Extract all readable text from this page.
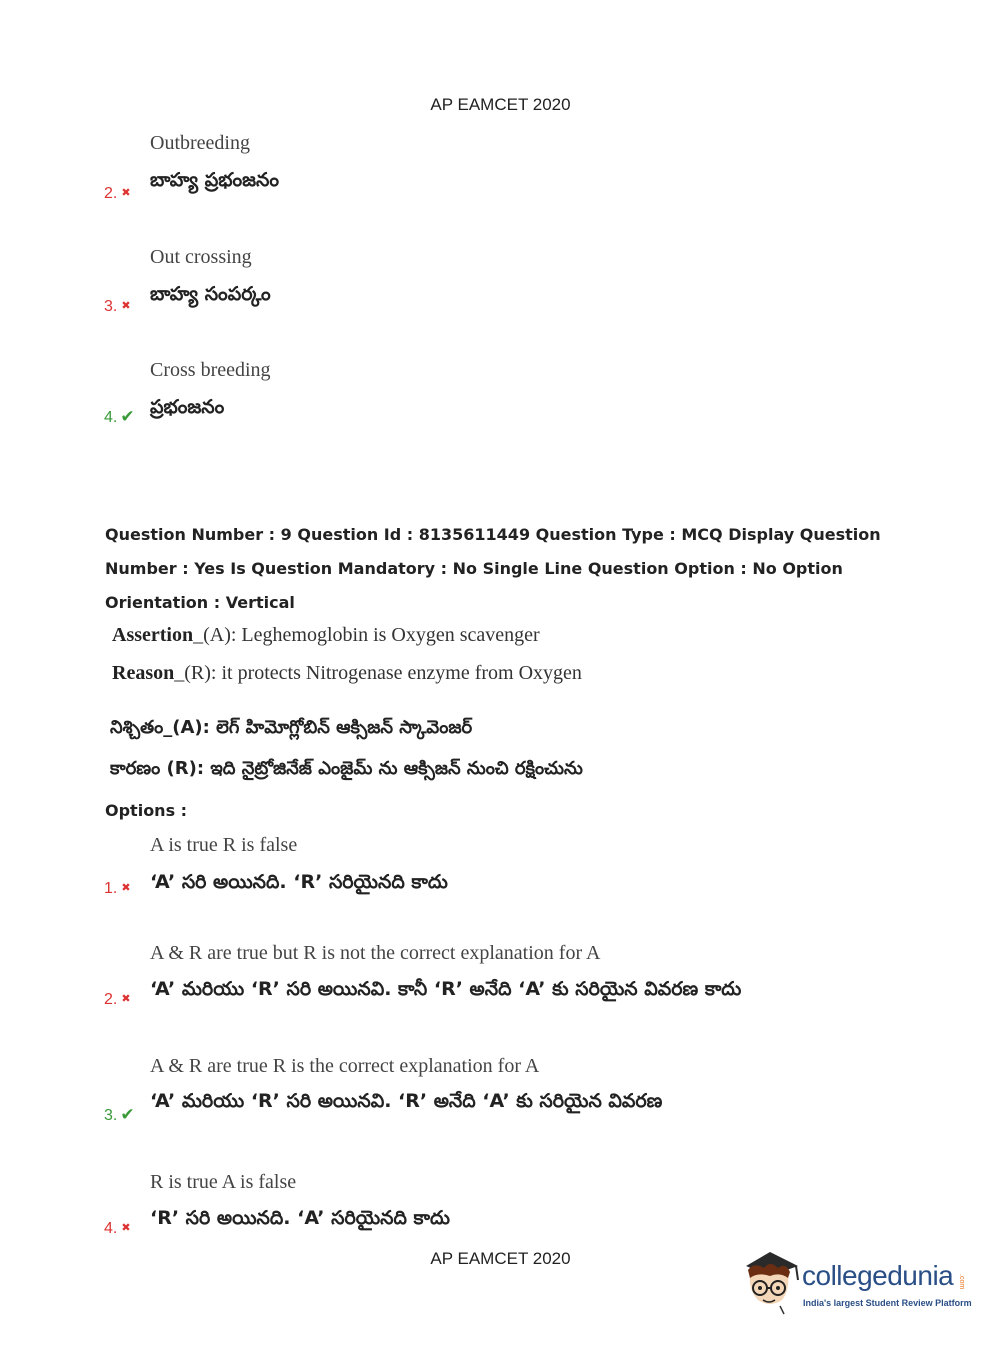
AP EAMCET 2020
Outbreeding
బాహ్య ప్రభంజనం
2. ✖
Out crossing
బాహ్య సంపర్కం
3. ✖
Cross breeding
ప్రభంజనం
4. ✔
Question Number : 9 Question Id : 8135611449 Question Type : MCQ Display Question Number : Yes Is Question Mandatory : No Single Line Question Option : No Option Orientation : Vertical
Assertion_(A): Leghemoglobin is Oxygen scavenger
Reason_(R): it protects Nitrogenase enzyme from Oxygen
నిశ్చితం_(A): లెగ్ హిమోగ్లోబిన్ ఆక్సిజన్ స్కావెంజర్
కారణం (R): ఇది నైట్రోజినేజ్ ఎంజైమ్ ను ఆక్సిజన్ నుంచి రక్షించును
Options :
A is true R is false
‘A’ సరి అయినది. ‘R’ సరియైనది కాదు
1. ✖
A & R are true but R is not the correct explanation for A
‘A’ మరియు ‘R’ సరి అయినవి. కానీ ‘R’ అనేది ‘A’ కు సరియైన వివరణ కాదు
2. ✖
A & R are true R is the correct explanation for A
‘A’ మరియు ‘R’ సరి అయినవి. ‘R’ అనేది ‘A’ కు సరియైన వివరణ
3. ✔
R is true A is false
‘R’ సరి అయినది. ‘A’ సరియైనది కాదు
4. ✖
AP EAMCET 2020
collegedunia .com
India's largest Student Review Platform
